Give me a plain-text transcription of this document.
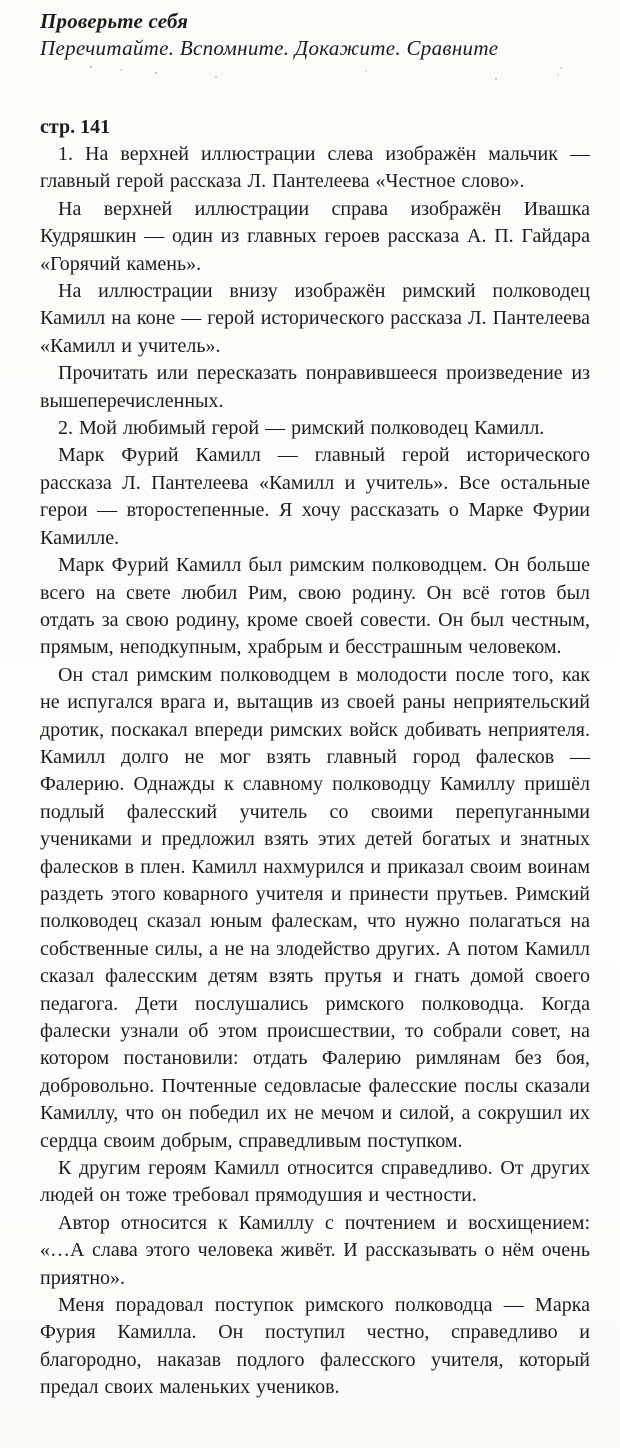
Проверьте себя
Перечитайте. Вспомните. Докажите. Сравните
стр. 141

1. На верхней иллюстрации слева изображён мальчик — главный герой рассказа Л. Пантелеева «Честное слово».

На верхней иллюстрации справа изображён Ивашка Кудряшкин — один из главных героев рассказа А. П. Гайдара «Горячий камень».

На иллюстрации внизу изображён римский полководец Камилл на коне — герой исторического рассказа Л. Пантелеева «Камилл и учитель».

Прочитать или пересказать понравившееся произведение из вышеперечисленных.

2. Мой любимый герой — римский полководец Камилл.

Марк Фурий Камилл — главный герой исторического рассказа Л. Пантелеева «Камилл и учитель». Все остальные герои — второстепенные. Я хочу рассказать о Марке Фурии Камилле.

Марк Фурий Камилл был римским полководцем. Он больше всего на свете любил Рим, свою родину. Он всё готов был отдать за свою родину, кроме своей совести. Он был честным, прямым, неподкупным, храбрым и бесстрашным человеком.

Он стал римским полководцем в молодости после того, как не испугался врага и, вытащив из своей раны неприятельский дротик, поскакал впереди римских войск добивать неприятеля. Камилл долго не мог взять главный город фалесков — Фалерию. Однажды к славному полководцу Камиллу пришёл подлый фалесский учитель со своими перепуганными учениками и предложил взять этих детей богатых и знатных фалесков в плен. Камилл нахмурился и приказал своим воинам раздеть этого коварного учителя и принести прутьев. Римский полководец сказал юным фалескам, что нужно полагаться на собственные силы, а не на злодейство других. А потом Камилл сказал фалесским детям взять прутья и гнать домой своего педагога. Дети послушались римского полководца. Когда фалески узнали об этом происшествии, то собрали совет, на котором постановили: отдать Фалерию римлянам без боя, добровольно. Почтенные седовласые фалесские послы сказали Камиллу, что он победил их не мечом и силой, а сокрушил их сердца своим добрым, справедливым поступком.

К другим героям Камилл относится справедливо. От других людей он тоже требовал прямодушия и честности.

Автор относится к Камиллу с почтением и восхищением: «…А слава этого человека живёт. И рассказывать о нём очень приятно».

Меня порадовал поступок римского полководца — Марка Фурия Камилла. Он поступил честно, справедливо и благородно, наказав подлого фалесского учителя, который предал своих маленьких учеников.
